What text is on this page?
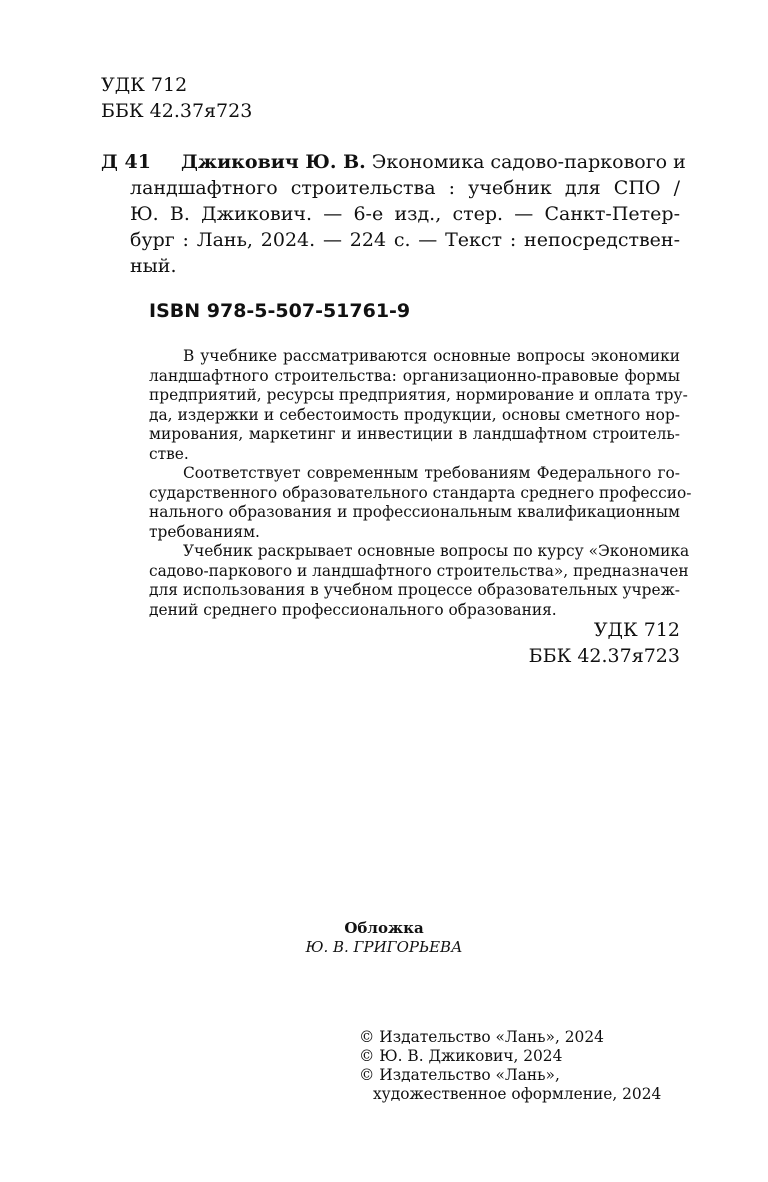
УДК 712
ББК 42.37я723
Д 41	Джикович Ю. В. Экономика садово-паркового и
ландшафтного строительства : учебник для СПО /
Ю. В. Джикович. — 6-е изд., стер. — Санкт-Петер-
бург : Лань, 2024. — 224 с. — Текст : непосредствен-
ный.
ISBN 978-5-507-51761-9
В учебнике рассматриваются основные вопросы экономики
ландшафтного строительства: организационно-правовые формы
предприятий, ресурсы предприятия, нормирование и оплата тру-
да, издержки и себестоимость продукции, основы сметного нор-
мирования, маркетинг и инвестиции в ландшафтном строитель-
стве.
Соответствует современным требованиям Федерального го-
сударственного образовательного стандарта среднего профессио-
нального образования и профессиональным квалификационным
требованиям.
Учебник раскрывает основные вопросы по курсу «Экономика
садово-паркового и ландшафтного строительства», предназначен
для использования в учебном процессе образовательных учреж-
дений среднего профессионального образования.
УДК 712
ББК 42.37я723
Обложка
Ю. В. ГРИГОРЬЕВА
© Издательство «Лань», 2024
© Ю. В. Джикович, 2024
© Издательство «Лань»,
художественное оформление, 2024
